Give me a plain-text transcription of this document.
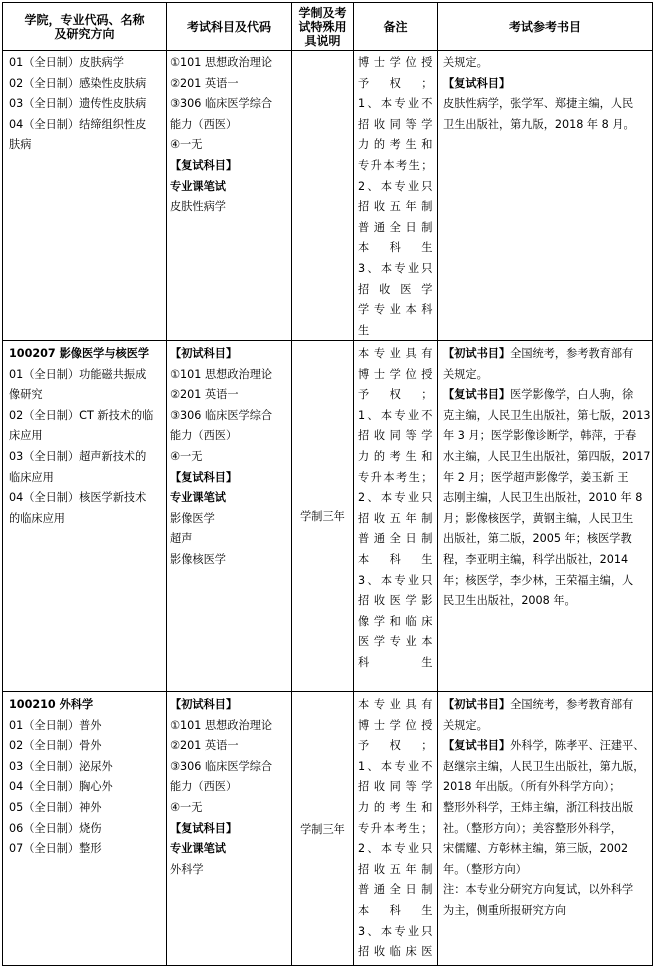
学院，专业代码、名称及研究方向	考试科目及代码
学制及考试特殊用具说明
备注	考试参考书目
01（全日制）皮肤病学
02（全日制）感染性皮肤病
03（全日制）遗传性皮肤病
04（全日制）结缔组织性皮
肤病
①101 思想政治理论
②201 英语一
③306 临床医学综合
能力（西医）
④一无
【复试科目】
专业课笔试
皮肤性病学
博士学位授
予权；
1、本专业不
招收同等学
力的考生和
专升本考生；
2、本专业只
招收五年制
普通全日制
本科生
3、本专业只
招收医学
学专业本科
生
关规定。
【复试科目】
皮肤性病学，张学军、郑捷主编，人民
卫生出版社，第九版，2018 年 8 月。
100207 影像医学与核医学
01（全日制）功能磁共振成
像研究
02（全日制）CT 新技术的临
床应用
03（全日制）超声新技术的
临床应用
04（全日制）核医学新技术
的临床应用
【初试科目】
①101 思想政治理论
②201 英语一
③306 临床医学综合
能力（西医）
④一无
【复试科目】
专业课笔试
影像医学
超声
影像核医学
学制三年
本专业具有
博士学位授
予权；
1、本专业不
招收同等学
力的考生和
专升本考生；
2、本专业只
招收五年制
普通全日制
本科生
3、本专业只
招收医学影
像学和临床
医学专业本
科生
【初试书目】全国统考，参考教育部有
关规定。
【复试书目】医学影像学，白人驹，徐
克主编，人民卫生出版社，第七版，2013
年 3 月；医学影像诊断学，韩萍，于春
水主编，人民卫生出版社，第四版，2017
年 2 月；医学超声影像学，姜玉新 王
志刚主编，人民卫生出版社，2010 年 8
月；影像核医学，黄钢主编，人民卫生
出版社，第二版，2005 年；核医学教
程，李亚明主编，科学出版社，2014
年；核医学，李少林，王荣福主编，人
民卫生出版社，2008 年。
100210 外科学
01（全日制）普外
02（全日制）骨外
03（全日制）泌尿外
04（全日制）胸心外
05（全日制）神外
06（全日制）烧伤
07（全日制）整形
【初试科目】
①101 思想政治理论
②201 英语一
③306 临床医学综合
能力（西医）
④一无
【复试科目】
专业课笔试
外科学
学制三年
本专业具有
博士学位授
予权；
1、本专业不
招收同等学
力的考生和
专升本考生；
2、本专业只
招收五年制
普通全日制
本科生
3、本专业只
招收临床医
【初试书目】全国统考，参考教育部有
关规定。
【复试书目】外科学，陈孝平、汪建平、
赵继宗主编，人民卫生出版社，第九版，
2018 年出版。（所有外科学方向）；
整形外科学，王炜主编，浙江科技出版
社。（整形方向）；美容整形外科学，
宋儒耀、方彰林主编，第三版，2002
年。（整形方向）
注：本专业分研究方向复试，以外科学
为主，侧重所报研究方向
